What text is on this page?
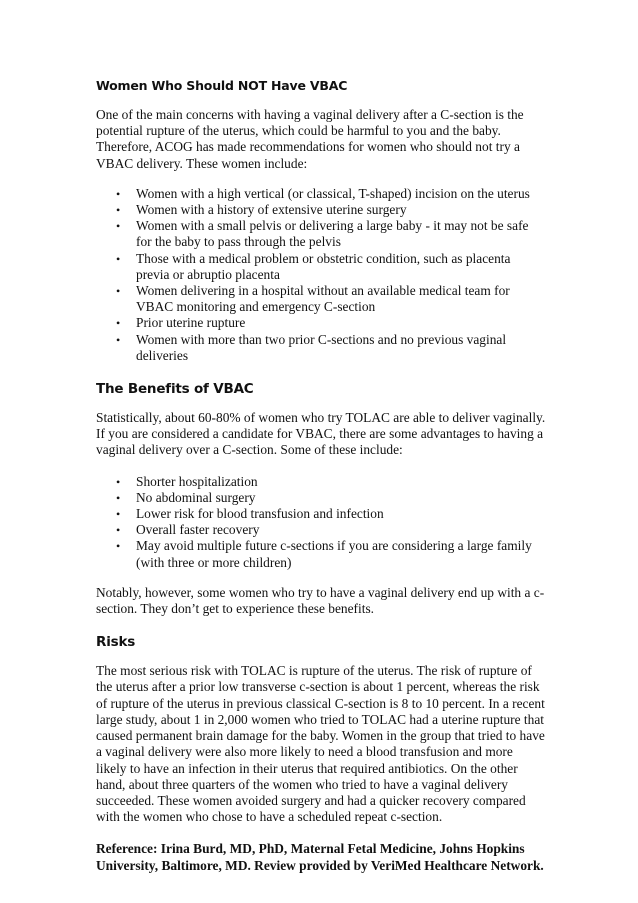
Women Who Should NOT Have VBAC

One of the main concerns with having a vaginal delivery after a C-section is the potential rupture of the uterus, which could be harmful to you and the baby. Therefore, ACOG has made recommendations for women who should not try a VBAC delivery. These women include:

• Women with a high vertical (or classical, T-shaped) incision on the uterus
• Women with a history of extensive uterine surgery
• Women with a small pelvis or delivering a large baby - it may not be safe for the baby to pass through the pelvis
• Those with a medical problem or obstetric condition, such as placenta previa or abruptio placenta
• Women delivering in a hospital without an available medical team for VBAC monitoring and emergency C-section
• Prior uterine rupture
• Women with more than two prior C-sections and no previous vaginal deliveries
The Benefits of VBAC

Statistically, about 60-80% of women who try TOLAC are able to deliver vaginally. If you are considered a candidate for VBAC, there are some advantages to having a vaginal delivery over a C-section. Some of these include:

• Shorter hospitalization
• No abdominal surgery
• Lower risk for blood transfusion and infection
• Overall faster recovery
• May avoid multiple future c-sections if you are considering a large family (with three or more children)

Notably, however, some women who try to have a vaginal delivery end up with a c-section. They don’t get to experience these benefits.

Risks

The most serious risk with TOLAC is rupture of the uterus. The risk of rupture of the uterus after a prior low transverse c-section is about 1 percent, whereas the risk of rupture of the uterus in previous classical C-section is 8 to 10 percent. In a recent large study, about 1 in 2,000 women who tried to TOLAC had a uterine rupture that caused permanent brain damage for the baby. Women in the group that tried to have a vaginal delivery were also more likely to need a blood transfusion and more likely to have an infection in their uterus that required antibiotics. On the other hand, about three quarters of the women who tried to have a vaginal delivery succeeded. These women avoided surgery and had a quicker recovery compared with the women who chose to have a scheduled repeat c-section.

Reference: Irina Burd, MD, PhD, Maternal Fetal Medicine, Johns Hopkins University, Baltimore, MD. Review provided by VeriMed Healthcare Network.
